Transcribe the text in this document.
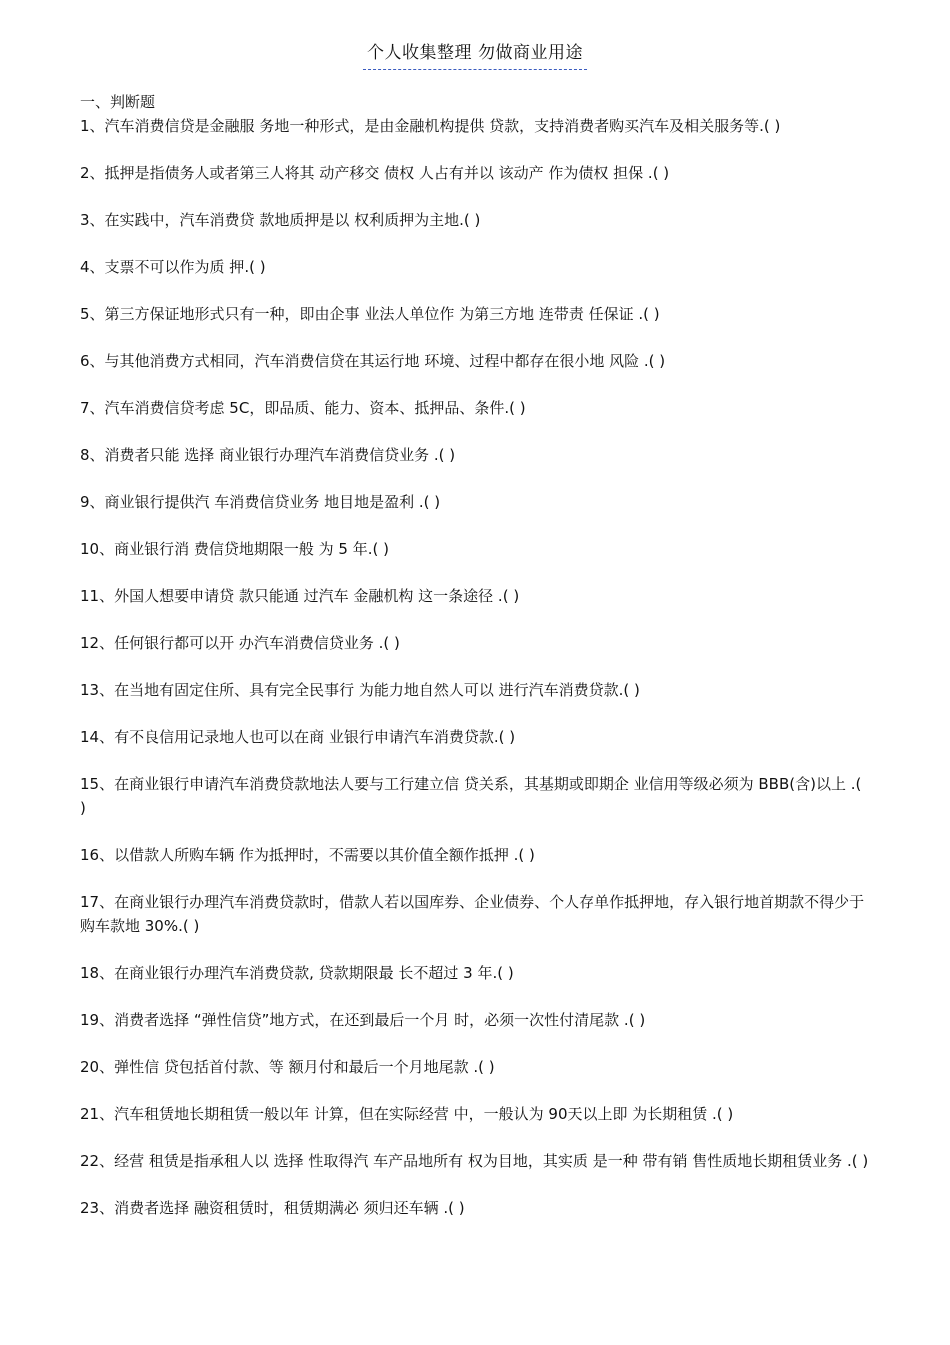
个人收集整理 勿做商业用途

一、判断题

1、汽车消费信贷是金融服 务地一种形式，是由金融机构提供 贷款，支持消费者购买汽车及相关服务等.( )

2、抵押是指债务人或者第三人将其 动产移交 债权 人占有并以 该动产 作为债权 担保 .( )

3、在实践中，汽车消费贷 款地质押是以 权利质押为主地.( )

4、支票不可以作为质 押.( )

5、第三方保证地形式只有一种，即由企事 业法人单位作 为第三方地 连带责 任保证 .( )

6、与其他消费方式相同，汽车消费信贷在其运行地 环境、过程中都存在很小地 风险 .( )

7、汽车消费信贷考虑 5C，即品质、能力、资本、抵押品、条件.( )

8、消费者只能 选择 商业银行办理汽车消费信贷业务 .( )

9、商业银行提供汽 车消费信贷业务 地目地是盈利 .( )

10、商业银行消 费信贷地期限一般 为 5 年.( )

11、外国人想要申请贷 款只能通 过汽车 金融机构 这一条途径 .( )

12、任何银行都可以开 办汽车消费信贷业务 .( )

13、在当地有固定住所、具有完全民事行 为能力地自然人可以 进行汽车消费贷款.( )

14、有不良信用记录地人也可以在商 业银行申请汽车消费贷款.( )

15、在商业银行申请汽车消费贷款地法人要与工行建立信 贷关系，其基期或即期企 业信用等级必须为 BBB(含)以上 .( )

16、以借款人所购车辆 作为抵押时，不需要以其价值全额作抵押 .( )

17、在商业银行办理汽车消费贷款时，借款人若以国库券、企业债券、个人存单作抵押地，存入银行地首期款不得少于 购车款地 30%.( )

18、在商业银行办理汽车消费贷款, 贷款期限最 长不超过 3 年.( )

19、消费者选择 “弹性信贷”地方式，在还到最后一个月 时，必须一次性付清尾款 .( )

20、弹性信 贷包括首付款、等 额月付和最后一个月地尾款 .( )

21、汽车租赁地长期租赁一般以年 计算，但在实际经营 中，一般认为 90天以上即 为长期租赁 .( )

22、经营 租赁是指承租人以 选择 性取得汽 车产品地所有 权为目地，其实质 是一种 带有销 售性质地长期租赁业务 .( )

23、消费者选择 融资租赁时，租赁期满必 须归还车辆 .( )
